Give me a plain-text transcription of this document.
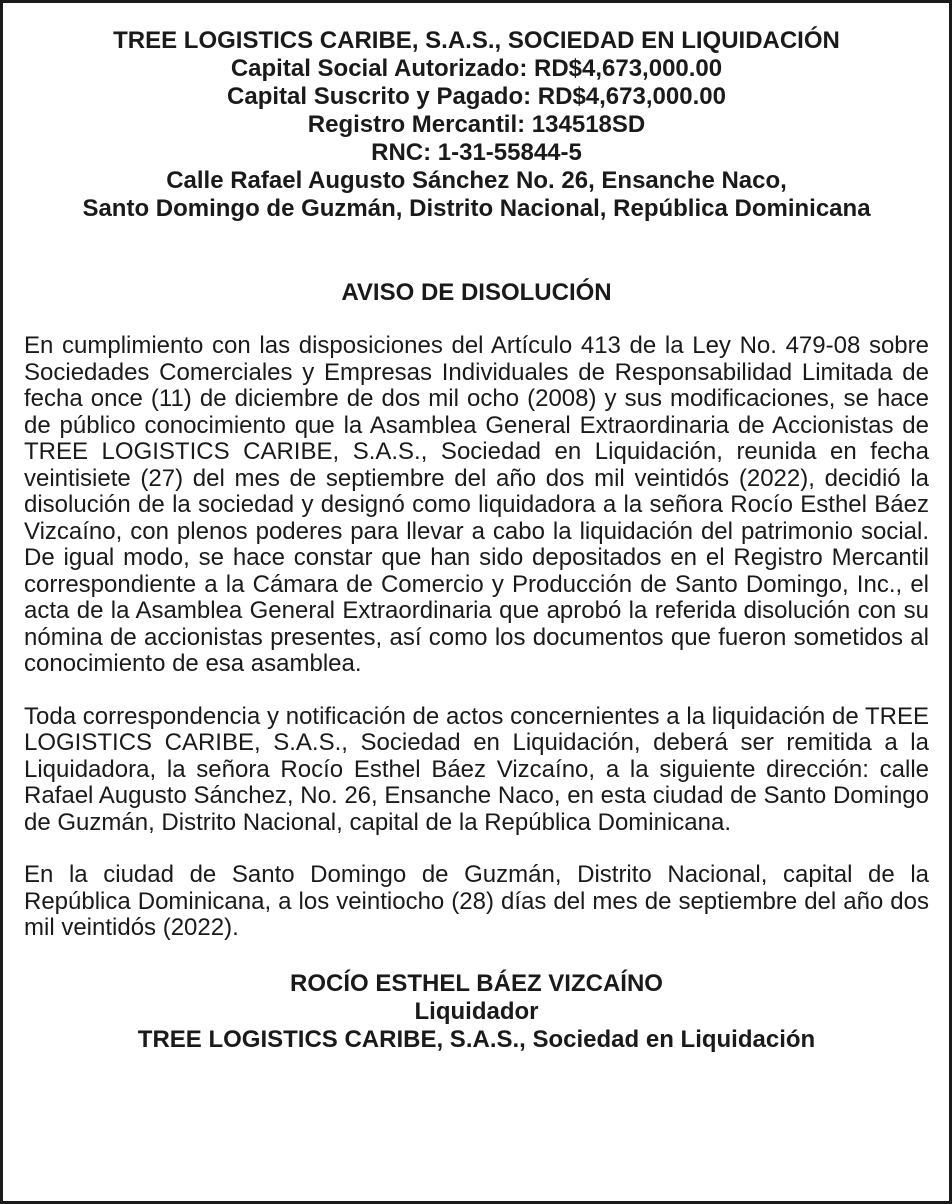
TREE LOGISTICS CARIBE, S.A.S., SOCIEDAD EN LIQUIDACIÓN
Capital Social Autorizado: RD$4,673,000.00
Capital Suscrito y Pagado: RD$4,673,000.00
Registro Mercantil: 134518SD
RNC: 1-31-55844-5
Calle Rafael Augusto Sánchez No. 26, Ensanche Naco,
Santo Domingo de Guzmán, Distrito Nacional, República Dominicana
AVISO DE DISOLUCIÓN

En cumplimiento con las disposiciones del Artículo 413 de la Ley No. 479-08 sobre Sociedades Comerciales y Empresas Individuales de Responsabilidad Limitada de fecha once (11) de diciembre de dos mil ocho (2008) y sus modificaciones, se hace de público conocimiento que la Asamblea General Extraordinaria de Accionistas de TREE LOGISTICS CARIBE, S.A.S., Sociedad en Liquidación, reunida en fecha veintisiete (27) del mes de septiembre del año dos mil veintidós (2022), decidió la disolución de la sociedad y designó como liquidadora a la señora Rocío Esthel Báez Vizcaíno, con plenos poderes para llevar a cabo la liquidación del patrimonio social. De igual modo, se hace constar que han sido depositados en el Registro Mercantil correspondiente a la Cámara de Comercio y Producción de Santo Domingo, Inc., el acta de la Asamblea General Extraordinaria que aprobó la referida disolución con su nómina de accionistas presentes, así como los documentos que fueron sometidos al conocimiento de esa asamblea.

Toda correspondencia y notificación de actos concernientes a la liquidación de TREE LOGISTICS CARIBE, S.A.S., Sociedad en Liquidación, deberá ser remitida a la Liquidadora, la señora Rocío Esthel Báez Vizcaíno, a la siguiente dirección: calle Rafael Augusto Sánchez, No. 26, Ensanche Naco, en esta ciudad de Santo Domingo de Guzmán, Distrito Nacional, capital de la República Dominicana.

En la ciudad de Santo Domingo de Guzmán, Distrito Nacional, capital de la República Dominicana, a los veintiocho (28) días del mes de septiembre del año dos mil veintidós (2022).

ROCÍO ESTHEL BÁEZ VIZCAÍNO
Liquidador
TREE LOGISTICS CARIBE, S.A.S., Sociedad en Liquidación
